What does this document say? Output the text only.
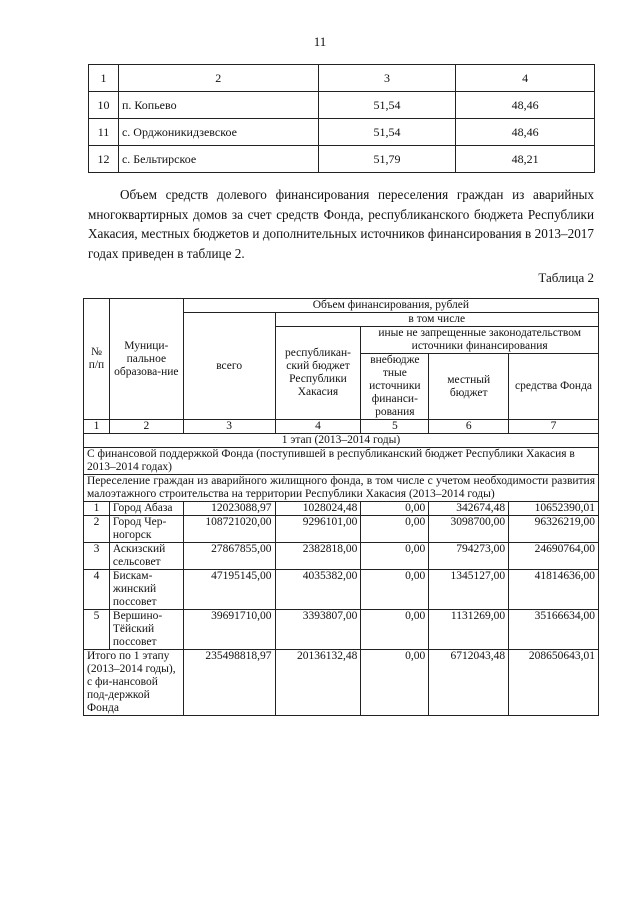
11
1	2	3	4
10	п. Копьево	51,54	48,46
11	с. Орджоникидзевское	51,54	48,46
12	с. Бельтирское	51,79	48,21
Объем средств долевого финансирования переселения граждан из аварийных многоквартирных домов за счет средств Фонда, республиканского бюджета Республики Хакасия, местных бюджетов и дополнительных источников финансирования в 2013–2017 годах приведен в таблице 2.
Таблица 2
№ п/п	Муници-пальное образова-ние	Объем финансирования, рублей				
		всего	в том числе			
			республикан-ский бюджет Республики Хакасия	иные не запрещенные законодательством источники финансирования		
				внебюдже тные источники финанси-рования	местный бюджет	средства Фонда

1	2	3	4	5	6	7
1 этап (2013–2014 годы)						
С финансовой поддержкой Фонда (поступившей в республиканский бюджет Республики Хакасия в 2013–2014 годах)						
Переселение граждан из аварийного жилищного фонда, в том числе с учетом необходимости развития малоэтажного строительства на территории Республики Хакасия (2013–2014 годы)						
1	Город Абаза	12023088,97	1028024,48	0,00	342674,48	10652390,01
2	Город Чер-ногорск	108721020,00	9296101,00	0,00	3098700,00	96326219,00
3	Аскизский сельсовет	27867855,00	2382818,00	0,00	794273,00	24690764,00
4	Бискам-жинский поссовет	47195145,00	4035382,00	0,00	1345127,00	41814636,00
5	Вершино-Тёйский поссовет	39691710,00	3393807,00	0,00	1131269,00	35166634,00
Итого по 1 этапу (2013–2014 годы), с фи-нансовой под-держкой Фонда		235498818,97	20136132,48	0,00	6712043,48	208650643,01
